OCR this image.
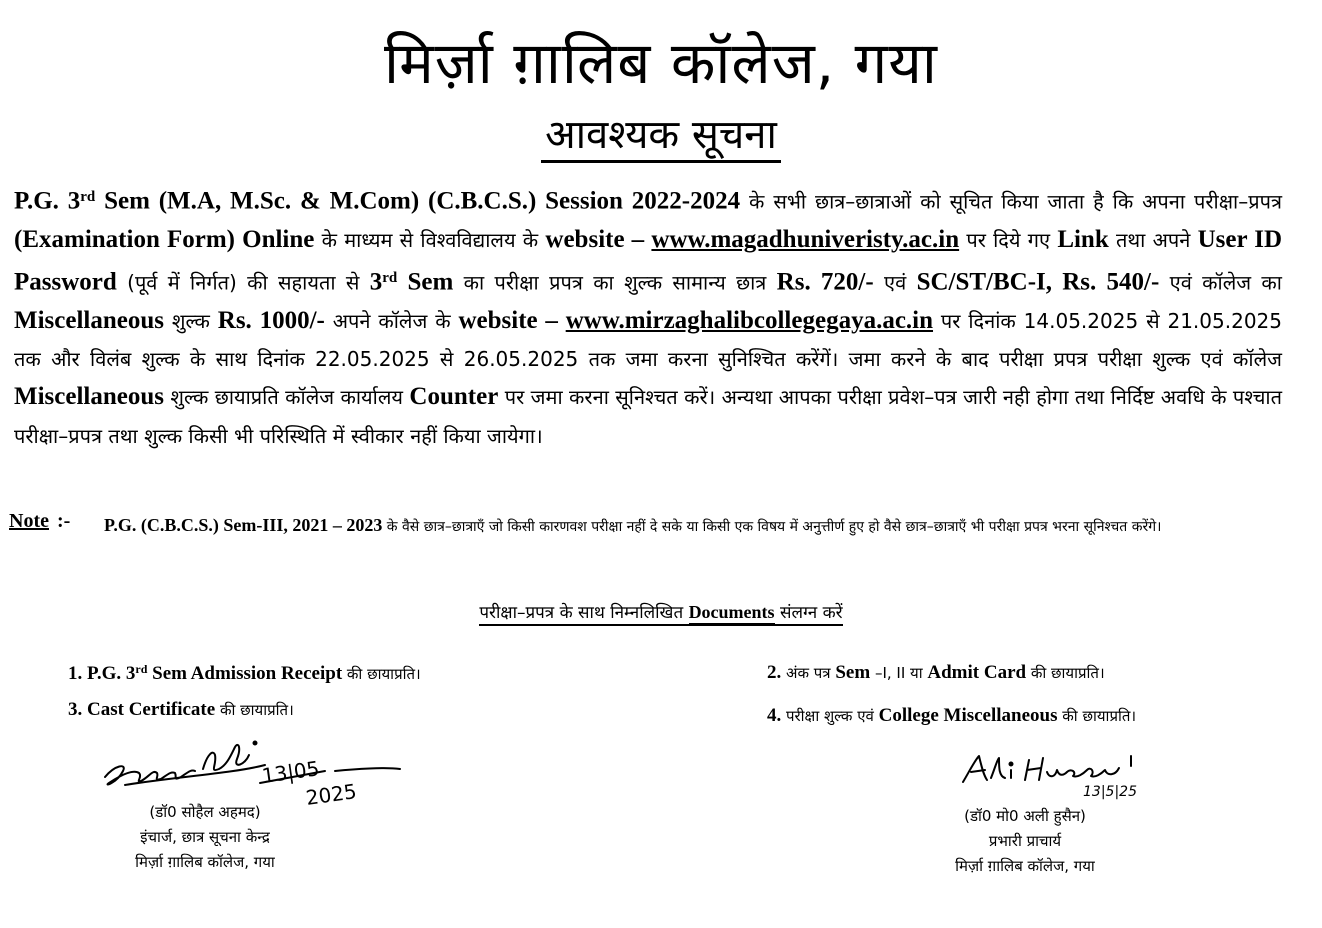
मिर्ज़ा ग़ालिब कॉलेज, गया
आवश्यक सूचना
P.G. 3rd Sem (M.A, M.Sc. & M.Com) (C.B.C.S.) Session 2022-2024 के सभी छात्र–छात्राओं को सूचित किया जाता है कि अपना परीक्षा–प्रपत्र (Examination Form) Online के माध्यम से विश्वविद्यालय के website – www.magadhuniveristy.ac.in पर दिये गए Link तथा अपने User ID Password (पूर्व में निर्गत) की सहायता से 3rd Sem का परीक्षा प्रपत्र का शुल्क सामान्य छात्र Rs. 720/- एवं SC/ST/BC-I, Rs. 540/- एवं कॉलेज का Miscellaneous शुल्क Rs. 1000/- अपने कॉलेज के website – www.mirzaghalibcollegegaya.ac.in पर दिनांक 14.05.2025 से 21.05.2025 तक और विलंब शुल्क के साथ दिनांक 22.05.2025 से 26.05.2025 तक जमा करना सुनिश्चित करेंगें। जमा करने के बाद परीक्षा प्रपत्र परीक्षा शुल्क एवं कॉलेज Miscellaneous शुल्क छायाप्रति कॉलेज कार्यालय Counter पर जमा करना सूनिश्चत करें। अन्यथा आपका परीक्षा प्रवेश–पत्र जारी नही होगा तथा निर्दिष्ट अवधि के पश्चात परीक्षा–प्रपत्र तथा शुल्क किसी भी परिस्थिति में स्वीकार नहीं किया जायेगा।
Note :- P.G. (C.B.C.S.) Sem-III, 2021 – 2023 के वैसे छात्र–छात्राएँ जो किसी कारणवश परीक्षा नहीं दे सके या किसी एक विषय में अनुत्तीर्ण हुए हो वैसे छात्र–छात्राएँ भी परीक्षा प्रपत्र भरना सूनिश्चत करेंगे।
परीक्षा–प्रपत्र के साथ निम्नलिखित Documents संलग्न करें
1. P.G. 3rd Sem Admission Receipt की छायाप्रति।	2. अंक पत्र Sem –I, II या Admit Card की छायाप्रति।
3. Cast Certificate की छायाप्रति।	4. परीक्षा शुल्क एवं College Miscellaneous की छायाप्रति।
13|05
2025
(डॉ0 सोहैल अहमद)
इंचार्ज, छात्र सूचना केन्द्र
मिर्ज़ा ग़ालिब कॉलेज, गया
13|5|25
(डॉ0 मो0 अली हुसैन)
प्रभारी प्राचार्य
मिर्ज़ा ग़ालिब कॉलेज, गया
